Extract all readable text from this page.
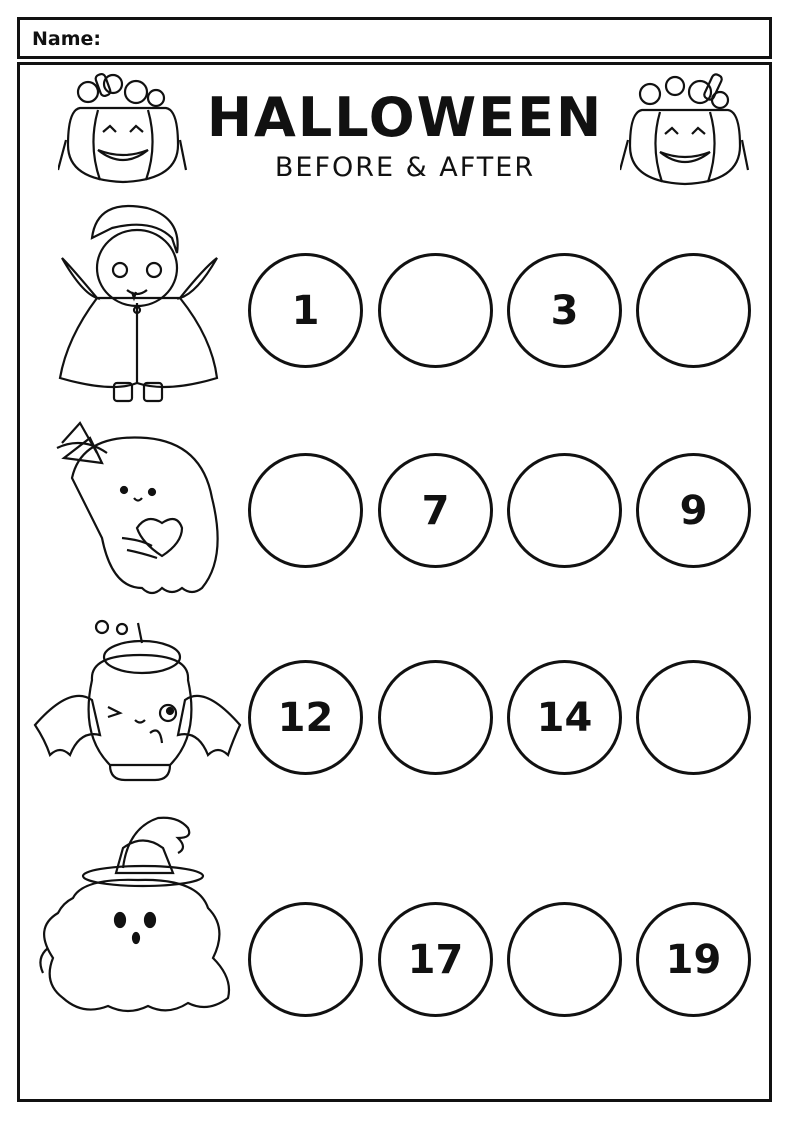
Name:
HALLOWEEN
BEFORE & AFTER
1	3
7	9
12	14
17	19
